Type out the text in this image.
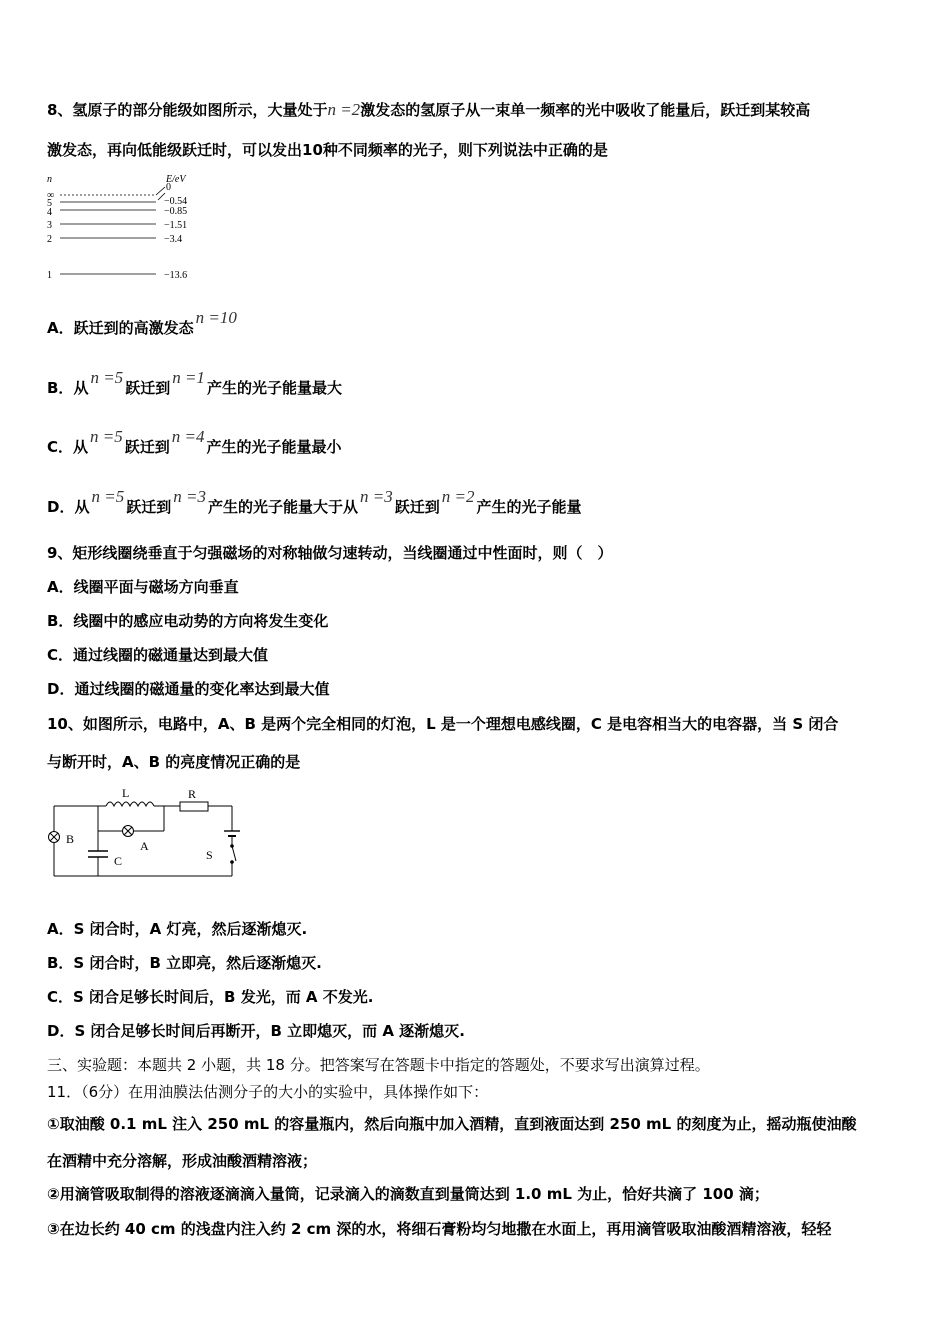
8、氢原子的部分能级如图所示，大量处于n =2激发态的氢原子从一束单一频率的光中吸收了能量后，跃迁到某较高
激发态，再向低能级跃迁时，可以发出10种不同频率的光子，则下列说法中正确的是
n	E/eV
∞
0
5	−0.54
4	−0.85
3	−1.51
2	−3.4
1	−13.6
A．跃迁到的高激发态n =10
B．从n =5跃迁到n =1产生的光子能量最大
C．从n =5跃迁到n =4产生的光子能量最小
D．从n =5跃迁到n =3产生的光子能量大于从n =3跃迁到n =2产生的光子能量
9、矩形线圈绕垂直于匀强磁场的对称轴做匀速转动，当线圈通过中性面时，则（　）
A．线圈平面与磁场方向垂直
B．线圈中的感应电动势的方向将发生变化
C．通过线圈的磁通量达到最大值
D．通过线圈的磁通量的变化率达到最大值
10、如图所示，电路中，A、B 是两个完全相同的灯泡，L 是一个理想电感线圈，C 是电容相当大的电容器，当 S 闭合
与断开时，A、B 的亮度情况正确的是
L	R
S
B
C
A
A．S 闭合时，A 灯亮，然后逐渐熄灭.
B．S 闭合时，B 立即亮，然后逐渐熄灭.
C．S 闭合足够长时间后，B 发光，而 A 不发光.
D．S 闭合足够长时间后再断开，B 立即熄灭，而 A 逐渐熄灭.
三、实验题：本题共 2 小题，共 18 分。把答案写在答题卡中指定的答题处，不要求写出演算过程。
11．（6分）在用油膜法估测分子的大小的实验中，具体操作如下：
①取油酸 0.1 mL 注入 250 mL 的容量瓶内，然后向瓶中加入酒精，直到液面达到 250 mL 的刻度为止，摇动瓶使油酸
在酒精中充分溶解，形成油酸酒精溶液；
②用滴管吸取制得的溶液逐滴滴入量筒，记录滴入的滴数直到量筒达到 1.0 mL 为止，恰好共滴了 100 滴；
③在边长约 40 cm 的浅盘内注入约 2 cm 深的水，将细石膏粉均匀地撒在水面上，再用滴管吸取油酸酒精溶液，轻轻
